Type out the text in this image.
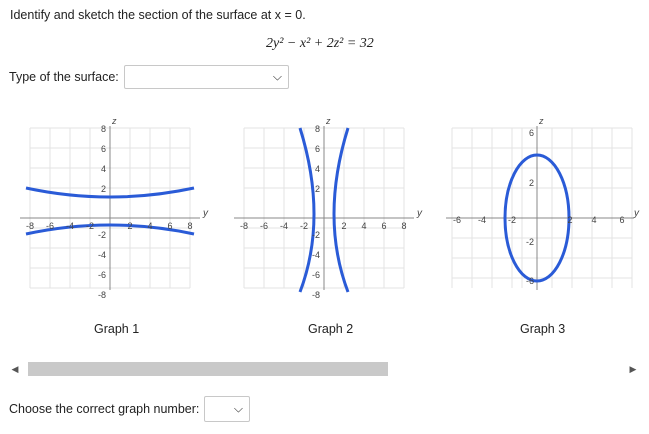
Identify and sketch the section of the surface at x = 0.
2y² − x² + 2z² = 32
Type of the surface:	⌵
z
y
8
6
4
2
-2
-4
-6
-8
-8 -6 -4 -2	2 4 6 8
Graph 1
z
y
8
6
4
2
-2
-4
-6
-8
-8 -6 -4 -2	2 4 6 8
Graph 2
z
y
6
2
-2
-6
-6 -4 -2	2 4	6
Graph 3
◀	▶
Choose the correct graph number:	⌵
